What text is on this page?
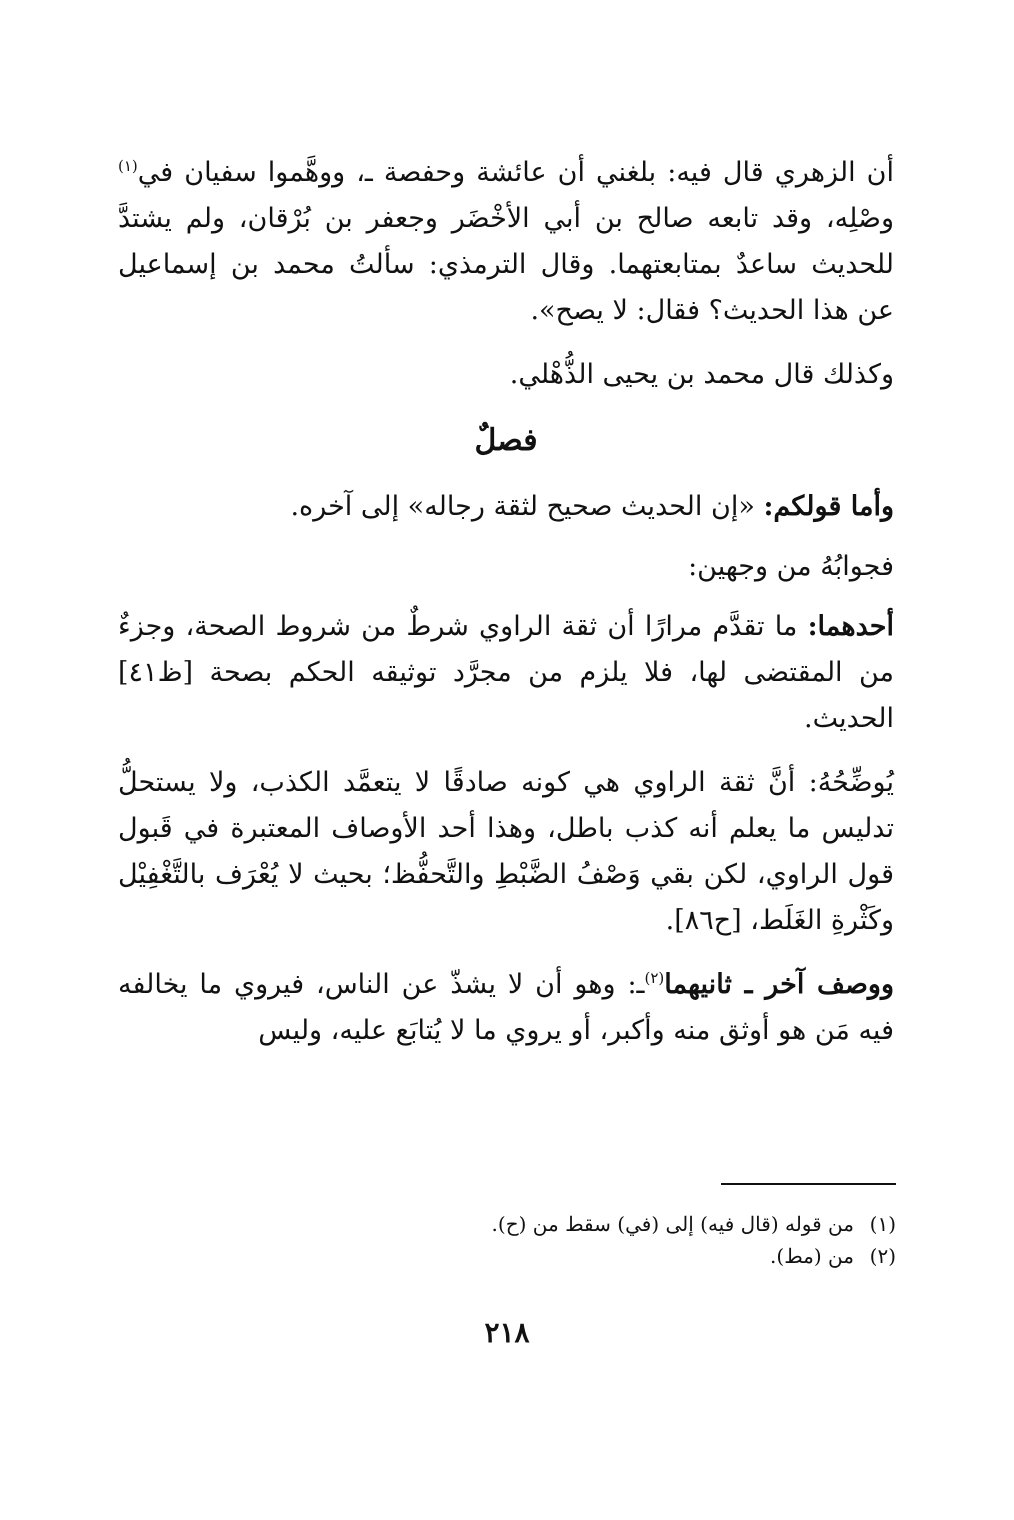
أن الزهري قال فيه: بلغني أن عائشة وحفصة ـ، ووهَّموا سفيان في$^{(١)}$ وصْلِه، وقد تابعه صالح بن أبي الأخْضَر وجعفر بن بُرْقان، ولم يشتدَّ للحديث ساعدٌ بمتابعتهما. وقال الترمذي: سألتُ محمد بن إسماعيل عن هذا الحديث؟ فقال: لا يصح».

وكذلك قال محمد بن يحيى الذُّهْلي.

فصلٌ

وأما قولكم: «إن الحديث صحيح لثقة رجاله» إلى آخره.

فجوابُهُ من وجهين:

أحدهما: ما تقدَّم مرارًا أن ثقة الراوي شرطٌ من شروط الصحة، وجزءٌ من المقتضى لها، فلا يلزم من مجرَّد توثيقه الحكم بصحة [ظ٤١] الحديث.

يُوضِّحُهُ: أنَّ ثقة الراوي هي كونه صادقًا لا يتعمَّد الكذب، ولا يستحلُّ تدليس ما يعلم أنه كذب باطل، وهذا أحد الأوصاف المعتبرة في قَبول قول الراوي، لكن بقي وَصْفُ الضَّبْطِ والتَّحفُّظ؛ بحيث لا يُعْرَف بالتَّغْفِيْل وكَثْرةِ الغَلَط، [ح٨٦].

ووصف آخر ـ ثانيهما$^{(٢)}$ـ: وهو أن لا يشذّ عن الناس، فيروي ما يخالفه فيه مَن هو أوثق منه وأكبر، أو يروي ما لا يُتابَع عليه، وليس

(١)من قوله (قال فيه) إلى (في) سقط من (ح).

(٢)من (مط).

٢١٨
